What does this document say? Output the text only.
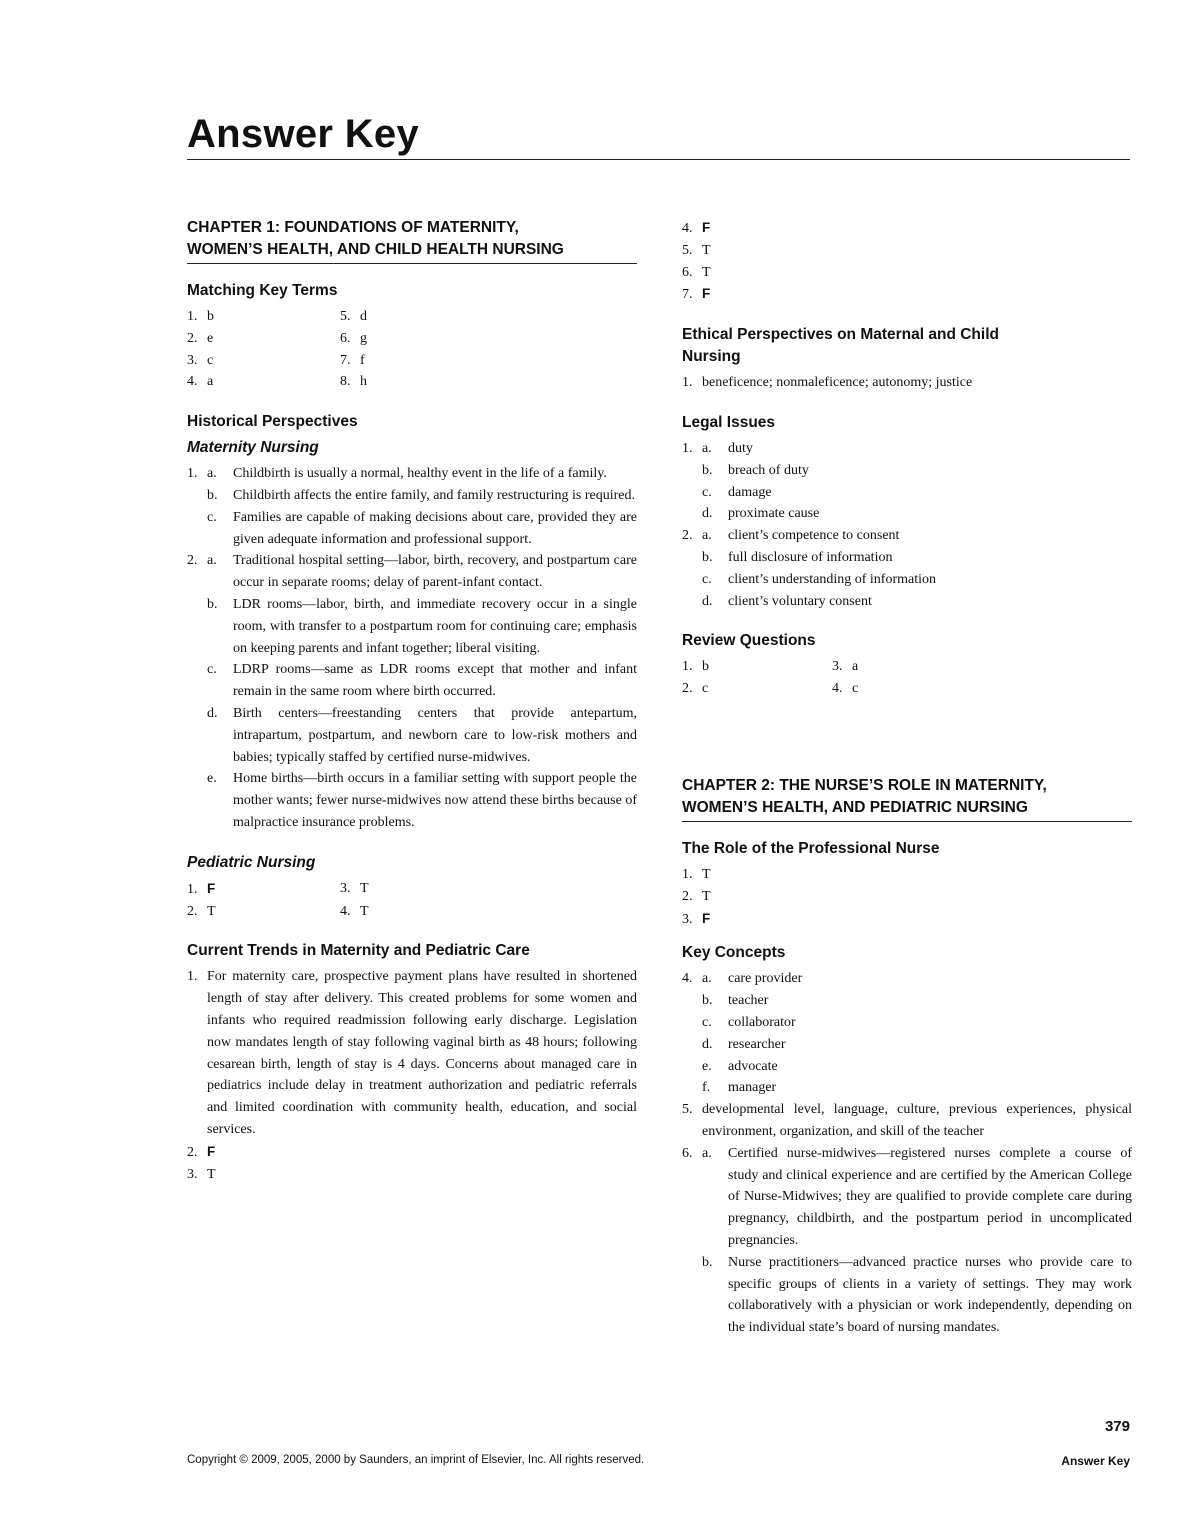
Answer Key
CHAPTER 1: FOUNDATIONS OF MATERNITY,
WOMEN’S HEALTH, AND CHILD HEALTH NURSING
Matching Key Terms
1. b	5. d
2. e	6. g
3. c	7. f
4. a	8. h
Historical Perspectives
Maternity Nursing
1. a.	Childbirth is usually a normal, healthy event in the life of a family.
b.	Childbirth affects the entire family, and family restructuring is required.
c.	Families are capable of making decisions about care, provided they are given adequate information and professional support.
2. a.	Traditional hospital setting—labor, birth, recovery, and postpartum care occur in separate rooms; delay of parent-infant contact.
b.	LDR rooms—labor, birth, and immediate recovery occur in a single room, with transfer to a postpartum room for continuing care; emphasis on keeping parents and infant together; liberal visiting.
c.	LDRP rooms—same as LDR rooms except that mother and infant remain in the same room where birth occurred.
d.	Birth centers—freestanding centers that provide antepartum, intrapartum, postpartum, and newborn care to low-risk mothers and babies; typically staffed by certified nurse-midwives.
e.	Home births—birth occurs in a familiar setting with support people the mother wants; fewer nurse-midwives now attend these births because of malpractice insurance problems.
Pediatric Nursing
1. F	3. T
2. T	4. T
Current Trends in Maternity and Pediatric Care
1. For maternity care, prospective payment plans have resulted in shortened length of stay after delivery. This created problems for some women and infants who required readmission following early discharge. Legislation now mandates length of stay following vaginal birth as 48 hours; following cesarean birth, length of stay is 4 days. Concerns about managed care in pediatrics include delay in treatment authorization and pediatric referrals and limited coordination with community health, education, and social services.
2. F
3. T
4. F
5. T
6. T
7. F
Ethical Perspectives on Maternal and Child
Nursing
1. beneficence; nonmaleficence; autonomy; justice
Legal Issues
1. a. duty
b. breach of duty
c. damage
d. proximate cause
2. a. client’s competence to consent
b. full disclosure of information
c. client’s understanding of information
d. client’s voluntary consent
Review Questions
1. b	3. a
2. c	4. c
CHAPTER 2: THE NURSE’S ROLE IN MATERNITY,
WOMEN’S HEALTH, AND PEDIATRIC NURSING
The Role of the Professional Nurse
1. T
2. T
3. F
Key Concepts
4. a. care provider
b. teacher
c. collaborator
d. researcher
e. advocate
f. manager
5. developmental level, language, culture, previous experiences, physical environment, organization, and skill of the teacher
6. a.	Certified nurse-midwives—registered nurses complete a course of study and clinical experience and are certified by the American College of Nurse-Midwives; they are qualified to provide complete care during pregnancy, childbirth, and the postpartum period in uncomplicated pregnancies.
b.	Nurse practitioners—advanced practice nurses who provide care to specific groups of clients in a variety of settings. They may work collaboratively with a physician or work independently, depending on the individual state’s board of nursing mandates.
379
Copyright © 2009, 2005, 2000 by Saunders, an imprint of Elsevier, Inc. All rights reserved.	Answer Key
